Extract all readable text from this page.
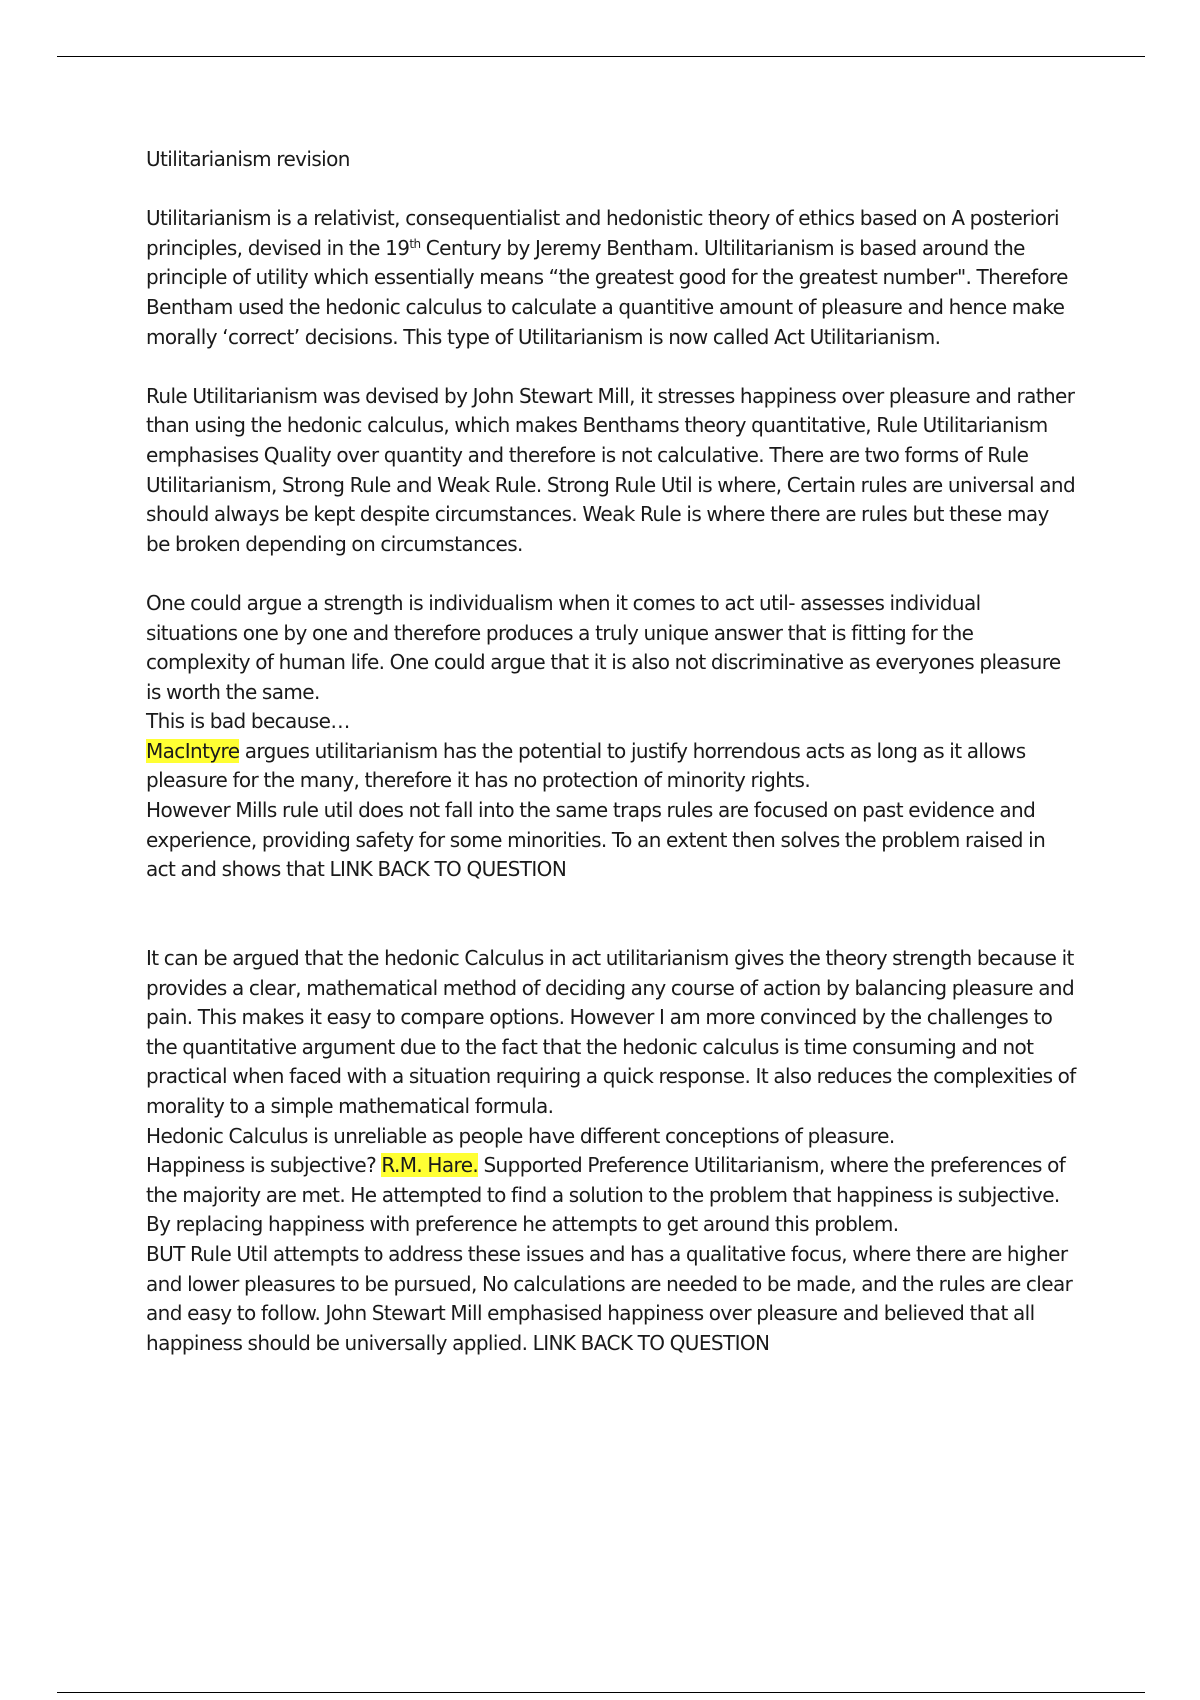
Utilitarianism revision

Utilitarianism is a relativist, consequentialist and hedonistic theory of ethics based on A posteriori principles, devised in the 19th Century by Jeremy Bentham. Ultilitarianism is based around the principle of utility which essentially means “the greatest good for the greatest number". Therefore Bentham used the hedonic calculus to calculate a quantitive amount of pleasure and hence make morally ‘correct’ decisions. This type of Utilitarianism is now called Act Utilitarianism.

Rule Utilitarianism was devised by John Stewart Mill, it stresses happiness over pleasure and rather than using the hedonic calculus, which makes Benthams theory quantitative, Rule Utilitarianism emphasises Quality over quantity and therefore is not calculative. There are two forms of Rule Utilitarianism, Strong Rule and Weak Rule. Strong Rule Util is where, Certain rules are universal and should always be kept despite circumstances. Weak Rule is where there are rules but these may be broken depending on circumstances.

One could argue a strength is individualism when it comes to act util- assesses individual situations one by one and therefore produces a truly unique answer that is fitting for the complexity of human life. One could argue that it is also not discriminative as everyones pleasure is worth the same.

This is bad because…

MacIntyre argues utilitarianism has the potential to justify horrendous acts as long as it allows pleasure for the many, therefore it has no protection of minority rights.

However Mills rule util does not fall into the same traps rules are focused on past evidence and experience, providing safety for some minorities. To an extent then solves the problem raised in act and shows that LINK BACK TO QUESTION

It can be argued that the hedonic Calculus in act utilitarianism gives the theory strength because it provides a clear, mathematical method of deciding any course of action by balancing pleasure and pain. This makes it easy to compare options. However I am more convinced by the challenges to the quantitative argument due to the fact that the hedonic calculus is time consuming and not practical when faced with a situation requiring a quick response. It also reduces the complexities of morality to a simple mathematical formula.

Hedonic Calculus is unreliable as people have different conceptions of pleasure.

Happiness is subjective? R.M. Hare. Supported Preference Utilitarianism, where the preferences of the majority are met. He attempted to find a solution to the problem that happiness is subjective. By replacing happiness with preference he attempts to get around this problem.

BUT Rule Util attempts to address these issues and has a qualitative focus, where there are higher and lower pleasures to be pursued, No calculations are needed to be made, and the rules are clear and easy to follow. John Stewart Mill emphasised happiness over pleasure and believed that all happiness should be universally applied. LINK BACK TO QUESTION
